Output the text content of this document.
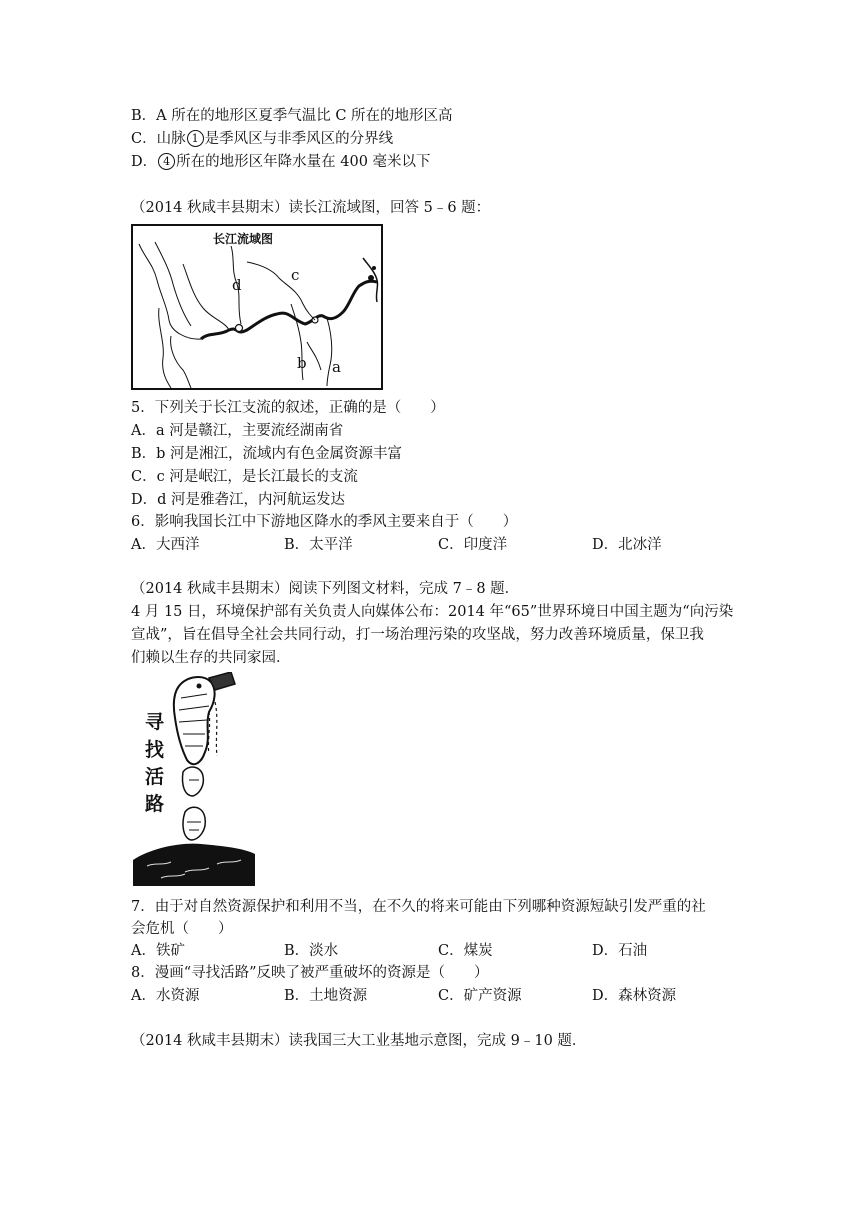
B．A 所在的地形区夏季气温比 C 所在的地形区高
C．山脉 1 是季风区与非季风区的分界线
D． 4 所在的地形区年降水量在 400 毫米以下
（2014 秋咸丰县期末）读长江流域图，回答 5﹣6 题：
长江流域图
d
c
b a
5．下列关于长江支流的叙述，正确的是（　　）
A．a 河是赣江，主要流经湖南省
B．b 河是湘江，流域内有色金属资源丰富
C．c 河是岷江，是长江最长的支流
D．d 河是雅砻江，内河航运发达
6．影响我国长江中下游地区降水的季风主要来自于（　　）
A．大西洋	B．太平洋	C．印度洋	D．北冰洋
（2014 秋咸丰县期末）阅读下列图文材料，完成 7﹣8 题．
4 月 15 日，环境保护部有关负责人向媒体公布：2014 年“65”世界环境日中国主题为“向污染
宣战”，旨在倡导全社会共同行动，打一场治理污染的攻坚战，努力改善环境质量，保卫我
们赖以生存的共同家园．
寻
找
活
路
7．由于对自然资源保护和利用不当，在不久的将来可能由下列哪种资源短缺引发严重的社
会危机（　　）
A．铁矿	B．淡水	C．煤炭	D．石油
8．漫画“寻找活路”反映了被严重破坏的资源是（　　）
A．水资源	B．土地资源	C．矿产资源	D．森林资源
（2014 秋咸丰县期末）读我国三大工业基地示意图，完成 9﹣10 题．
